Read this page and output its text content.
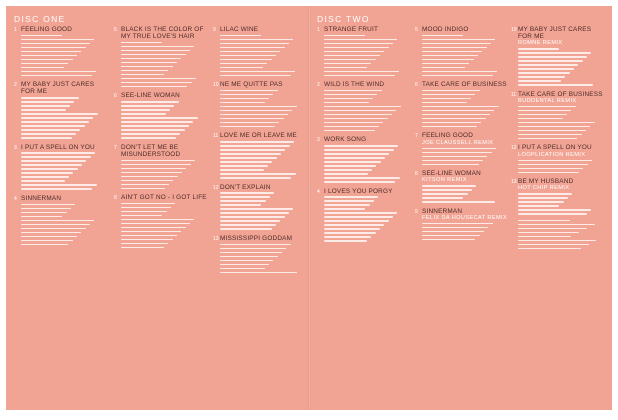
DISC ONE
1 FEELING GOOD
2 MY BABY JUST CARES FOR ME
3 I PUT A SPELL ON YOU
4 SINNERMAN
5 BLACK IS THE COLOR OF MY TRUE LOVE'S HAIR
6 SEE-LINE WOMAN
7 DON'T LET ME BE MISUNDERSTOOD
8 AIN'T GOT NO - I GOT LIFE
9 LILAC WINE
10 NE ME QUITTE PAS
11 LOVE ME OR LEAVE ME
12 DON'T EXPLAIN
13 MISSISSIPPI GODDAM
DISC TWO
1 STRANGE FRUIT
2 WILD IS THE WIND
3 WORK SONG
4 I LOVES YOU PORGY
5 MOOD INDIGO
6 TAKE CARE OF BUSINESS
7 FEELING GOOD
JOE CLAUSSELL REMIX
8 SEE-LINE WOMAN
KITSON REMIX
9 SINNERMAN
FELIX DA HOUSECAT REMIX
10 MY BABY JUST CARES FOR ME
ROMNE REMIX
11 TAKE CARE OF BUSINESS
BUDDENTAL REMIX
12 I PUT A SPELL ON YOU
LOOPLICATION REMIX
13 BE MY HUSBAND
HOT CHIP REMIX
